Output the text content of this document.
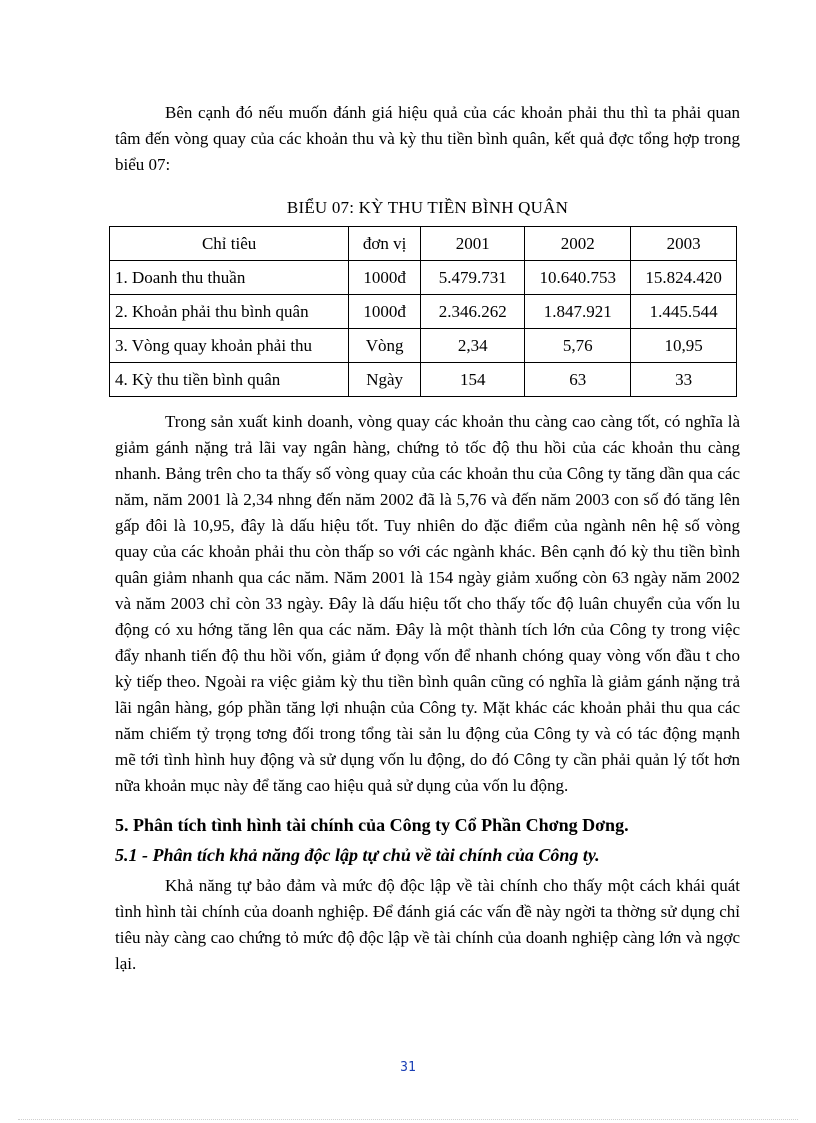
Bên cạnh đó nếu muốn đánh giá hiệu quả của các khoản phải thu thì ta phải quan tâm đến vòng quay của các khoản thu và kỳ thu tiền bình quân, kết quả đợc tổng hợp trong biểu 07:

BIỂU 07: KỲ THU TIỀN BÌNH QUÂN
Chỉ tiêu	đơn vị	2001	2002	2003
1. Doanh thu thuần	1000đ	5.479.731	10.640.753	15.824.420
2. Khoản phải thu bình quân	1000đ	2.346.262	1.847.921	1.445.544
3. Vòng quay khoản phải thu	Vòng	2,34	5,76	10,95
4. Kỳ thu tiền bình quân	Ngày	154	63	33

Trong sản xuất kinh doanh, vòng quay các khoản thu càng cao càng tốt, có nghĩa là giảm gánh nặng trả lãi vay ngân hàng, chứng tỏ tốc độ thu hồi của các khoản thu càng nhanh. Bảng trên cho ta thấy số vòng quay của các khoản thu của Công ty tăng dần qua các năm, năm 2001 là 2,34 nhng đến năm 2002 đã là 5,76 và đến năm 2003 con số đó tăng lên gấp đôi là 10,95, đây là dấu hiệu tốt. Tuy nhiên do đặc điểm của ngành nên hệ số vòng quay của các khoản phải thu còn thấp so với các ngành khác. Bên cạnh đó kỳ thu tiền bình quân giảm nhanh qua các năm. Năm 2001 là 154 ngày giảm xuống còn 63 ngày năm 2002 và năm 2003 chỉ còn 33 ngày. Đây là dấu hiệu tốt cho thấy tốc độ luân chuyển của vốn lu động có xu hớng tăng lên qua các năm. Đây là một thành tích lớn của Công ty trong việc đẩy nhanh tiến độ thu hồi vốn, giảm ứ đọng vốn để nhanh chóng quay vòng vốn đầu t cho kỳ tiếp theo. Ngoài ra việc giảm kỳ thu tiền bình quân cũng có nghĩa là giảm gánh nặng trả lãi ngân hàng, góp phần tăng lợi nhuận của Công ty. Mặt khác các khoản phải thu qua các năm chiếm tỷ trọng tơng đối trong tổng tài sản lu động của Công ty và có tác động mạnh mẽ tới tình hình huy động và sử dụng vốn lu động, do đó Công ty cần phải quản lý tốt hơn nữa khoản mục này để tăng cao hiệu quả sử dụng của vốn lu động.

5. Phân tích tình hình tài chính của Công ty Cổ Phần Chơng Dơng.
5.1 - Phân tích khả năng độc lập tự chủ về tài chính của Công ty.

Khả năng tự bảo đảm và mức độ độc lập về tài chính cho thấy một cách khái quát tình hình tài chính của doanh nghiệp. Để đánh giá các vấn đề này ngời ta thờng sử dụng chỉ tiêu này càng cao chứng tỏ mức độ độc lập về tài chính của doanh nghiệp càng lớn và ngợc lại.

31
